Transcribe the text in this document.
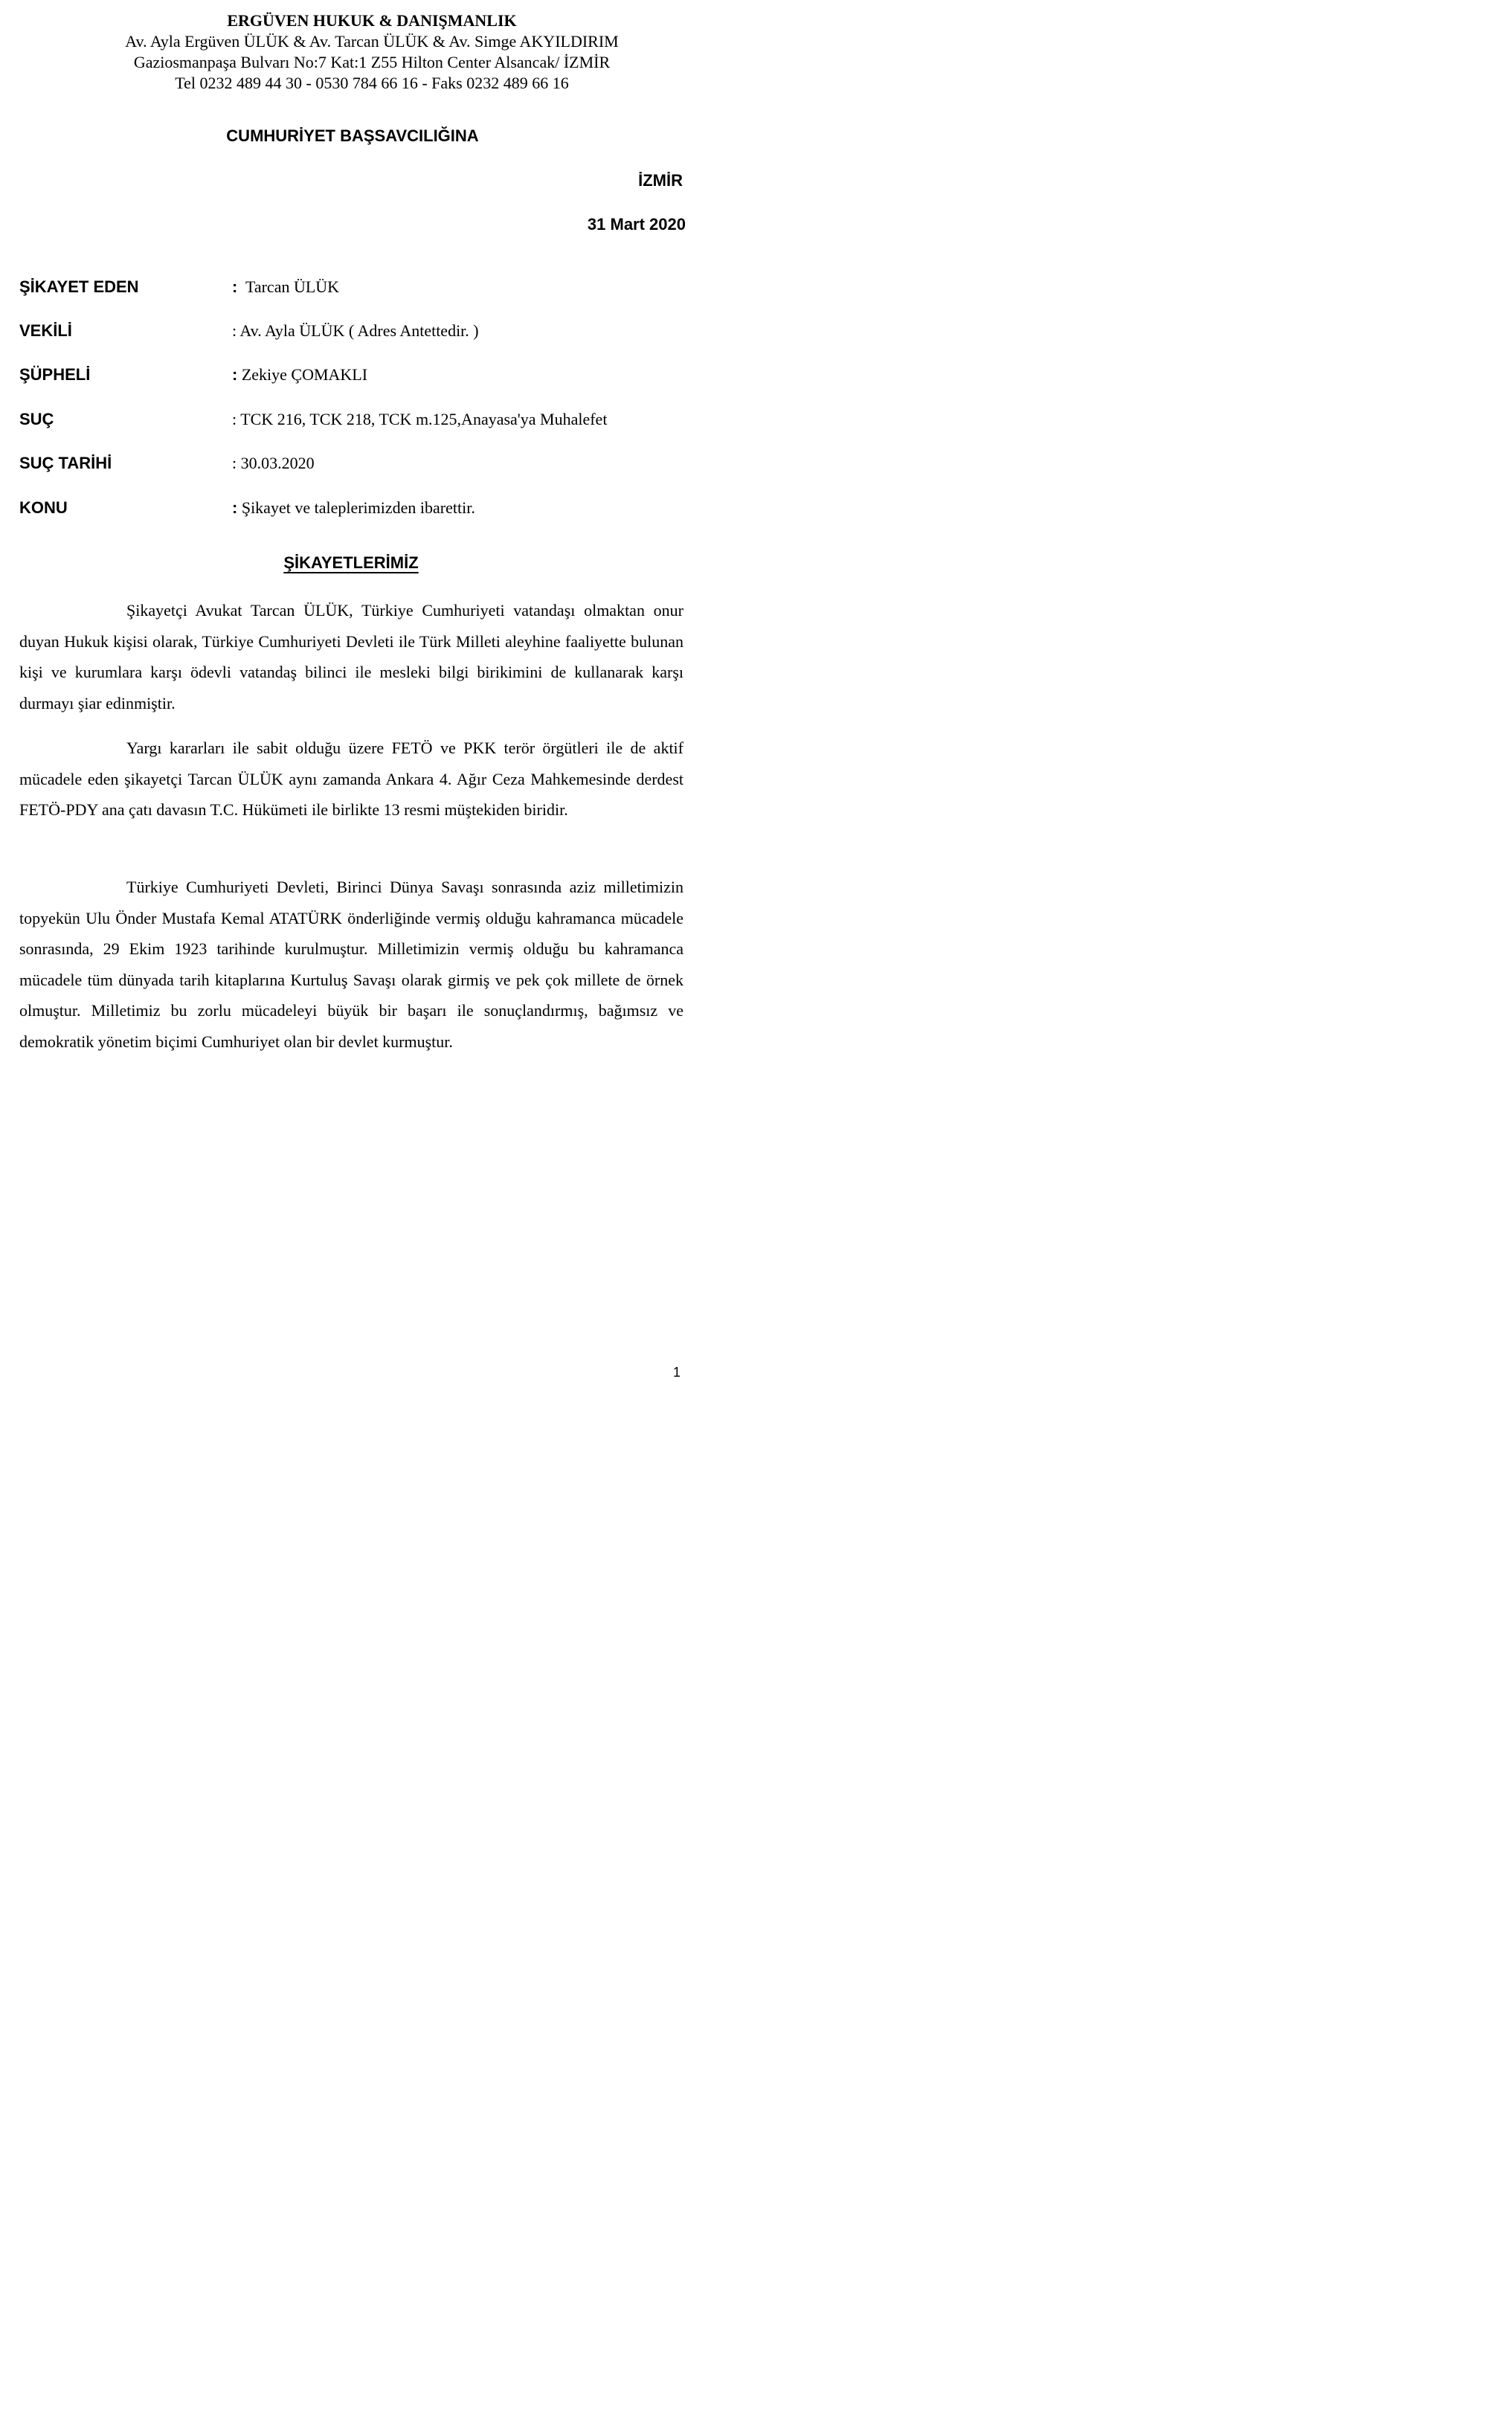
ERGÜVEN HUKUK & DANIŞMANLIK
Av. Ayla Ergüven ÜLÜK & Av. Tarcan ÜLÜK & Av. Simge AKYILDIRIM
Gaziosmanpaşa Bulvarı No:7 Kat:1 Z55 Hilton Center Alsancak/ İZMİR
Tel 0232 489 44 30 - 0530 784 66 16 - Faks 0232 489 66 16
CUMHURİYET BAŞSAVCILIĞINA
İZMİR
31 Mart 2020
ŞİKAYET EDEN	: Tarcan ÜLÜK
VEKİLİ	: Av. Ayla ÜLÜK ( Adres Antettedir. )
ŞÜPHELİ	: Zekiye ÇOMAKLI
SUÇ	: TCK 216, TCK 218, TCK m.125,Anayasa'ya Muhalefet
SUÇ TARİHİ	: 30.03.2020
KONU	: Şikayet ve taleplerimizden ibarettir.
ŞİKAYETLERİMİZ

Şikayetçi Avukat Tarcan ÜLÜK, Türkiye Cumhuriyeti vatandaşı olmaktan onur duyan Hukuk kişisi olarak, Türkiye Cumhuriyeti Devleti ile Türk Milleti aleyhine faaliyette bulunan kişi ve kurumlara karşı ödevli vatandaş bilinci ile mesleki bilgi birikimini de kullanarak karşı durmayı şiar edinmiştir.

Yargı kararları ile sabit olduğu üzere FETÖ ve PKK terör örgütleri ile de aktif mücadele eden şikayetçi Tarcan ÜLÜK aynı zamanda Ankara 4. Ağır Ceza Mahkemesinde derdest FETÖ-PDY ana çatı davasın T.C. Hükümeti ile birlikte 13 resmi müştekiden biridir.

Türkiye Cumhuriyeti Devleti, Birinci Dünya Savaşı sonrasında aziz milletimizin topyekün Ulu Önder Mustafa Kemal ATATÜRK önderliğinde vermiş olduğu kahramanca mücadele sonrasında, 29 Ekim 1923 tarihinde kurulmuştur. Milletimizin vermiş olduğu bu kahramanca mücadele tüm dünyada tarih kitaplarına Kurtuluş Savaşı olarak girmiş ve pek çok millete de örnek olmuştur. Milletimiz bu zorlu mücadeleyi büyük bir başarı ile sonuçlandırmış, bağımsız ve demokratik yönetim biçimi Cumhuriyet olan bir devlet kurmuştur.

1
